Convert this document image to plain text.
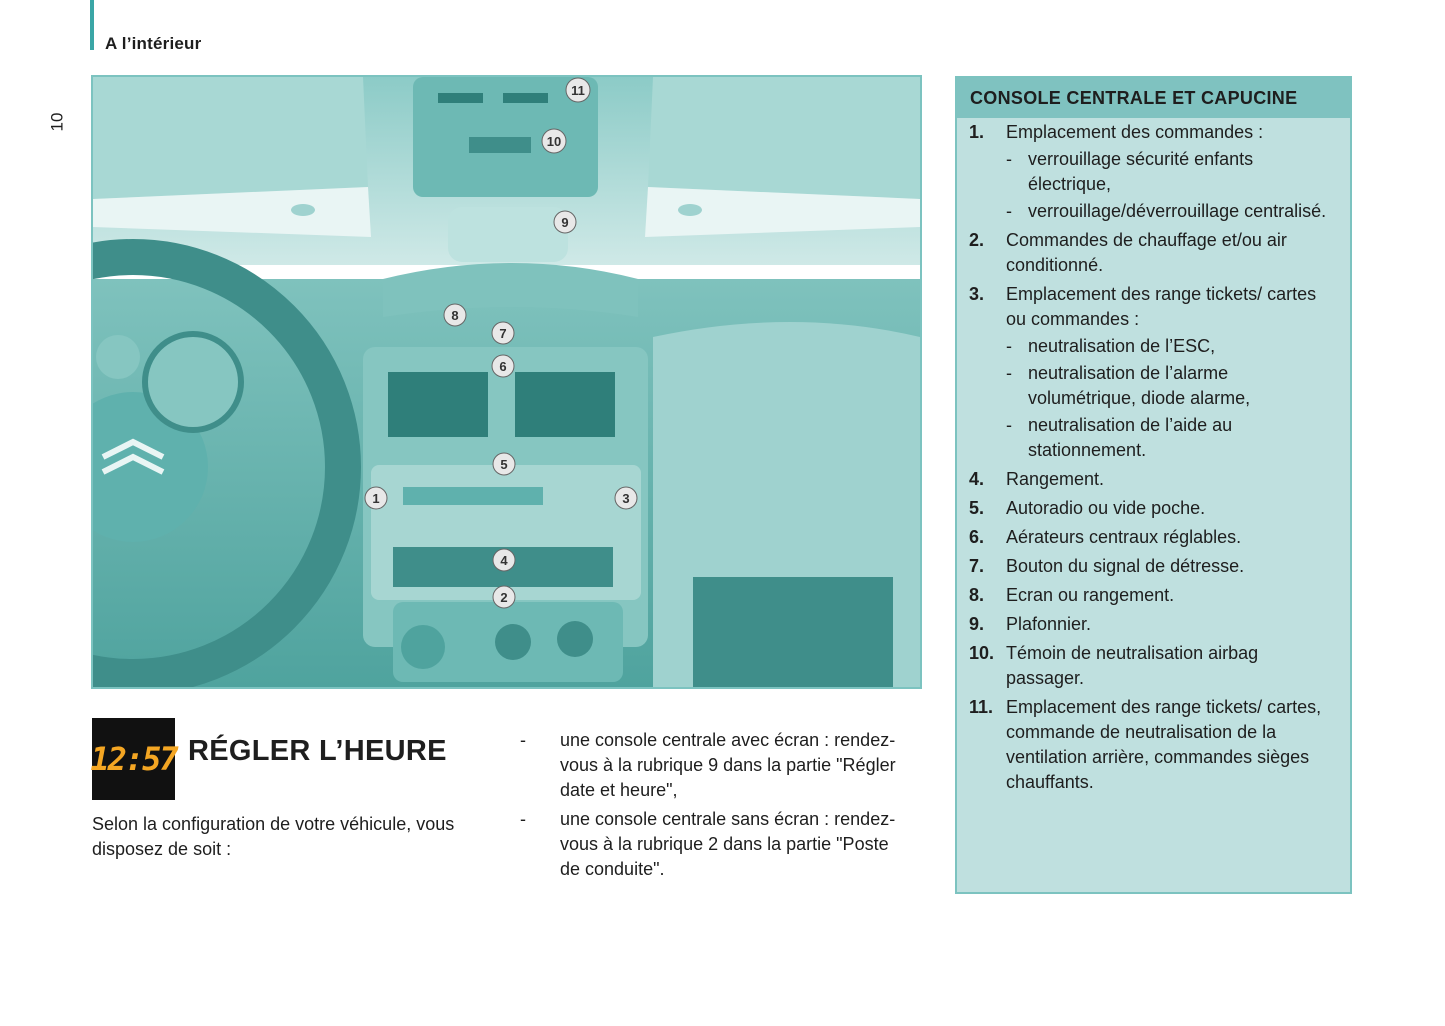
A l’intérieur
10
11
10
9
8
7
6
5
1	3
4
2
12:57 RÉGLER L’HEURE
Selon la configuration de votre véhicule, vous disposez de soit :
- une console centrale avec écran : rendez-vous à la rubrique 9 dans la partie "Régler date et heure",
- une console centrale sans écran : rendez-vous à la rubrique 2 dans la partie "Poste de conduite".
CONSOLE CENTRALE ET CAPUCINE
1. Emplacement des commandes :
- verrouillage sécurité enfants électrique,
- verrouillage/déverrouillage centralisé.
2. Commandes de chauffage et/ou air conditionné.
3. Emplacement des range tickets/ cartes ou commandes :
- neutralisation de l’ESC,
- neutralisation de l’alarme volumétrique, diode alarme,
- neutralisation de l’aide au stationnement.
4. Rangement.
5. Autoradio ou vide poche.
6. Aérateurs centraux réglables.
7. Bouton du signal de détresse.
8. Ecran ou rangement.
9. Plafonnier.
10. Témoin de neutralisation airbag passager.
11. Emplacement des range tickets/ cartes, commande de neutralisation de la ventilation arrière, commandes sièges chauffants.
